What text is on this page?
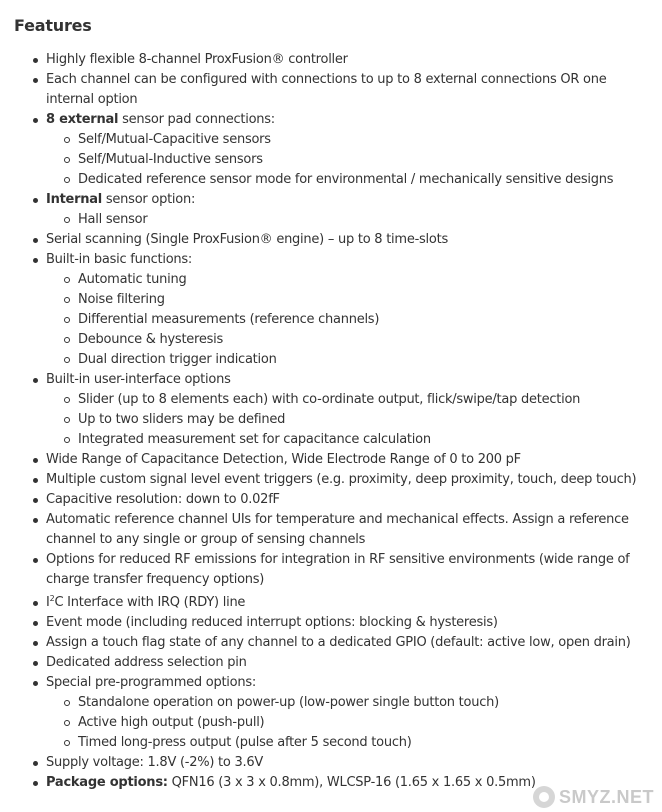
Features
Highly flexible 8-channel ProxFusion® controller
Each channel can be configured with connections to up to 8 external connections OR one internal option
8 external sensor pad connections:
Self/Mutual-Capacitive sensors
Self/Mutual-Inductive sensors
Dedicated reference sensor mode for environmental / mechanically sensitive designs
Internal sensor option:
Hall sensor
Serial scanning (Single ProxFusion® engine) – up to 8 time-slots
Built-in basic functions:
Automatic tuning
Noise filtering
Differential measurements (reference channels)
Debounce & hysteresis
Dual direction trigger indication
Built-in user-interface options
Slider (up to 8 elements each) with co-ordinate output, flick/swipe/tap detection
Up to two sliders may be defined
Integrated measurement set for capacitance calculation
Wide Range of Capacitance Detection, Wide Electrode Range of 0 to 200 pF
Multiple custom signal level event triggers (e.g. proximity, deep proximity, touch, deep touch)
Capacitive resolution: down to 0.02fF
Automatic reference channel UIs for temperature and mechanical effects. Assign a reference channel to any single or group of sensing channels
Options for reduced RF emissions for integration in RF sensitive environments (wide range of charge transfer frequency options)
$I^2C$ Interface with IRQ (RDY) line
Event mode (including reduced interrupt options: blocking & hysteresis)
Assign a touch flag state of any channel to a dedicated GPIO (default: active low, open drain)
Dedicated address selection pin
Special pre-programmed options:
Standalone operation on power-up (low-power single button touch)
Active high output (push-pull)
Timed long-press output (pulse after 5 second touch)
Supply voltage: 1.8V (-2%) to 3.6V
Package options: QFN16 (3 x 3 x 0.8mm), WLCSP-16 (1.65 x 1.65 x 0.5mm)
SMYZ.NET
